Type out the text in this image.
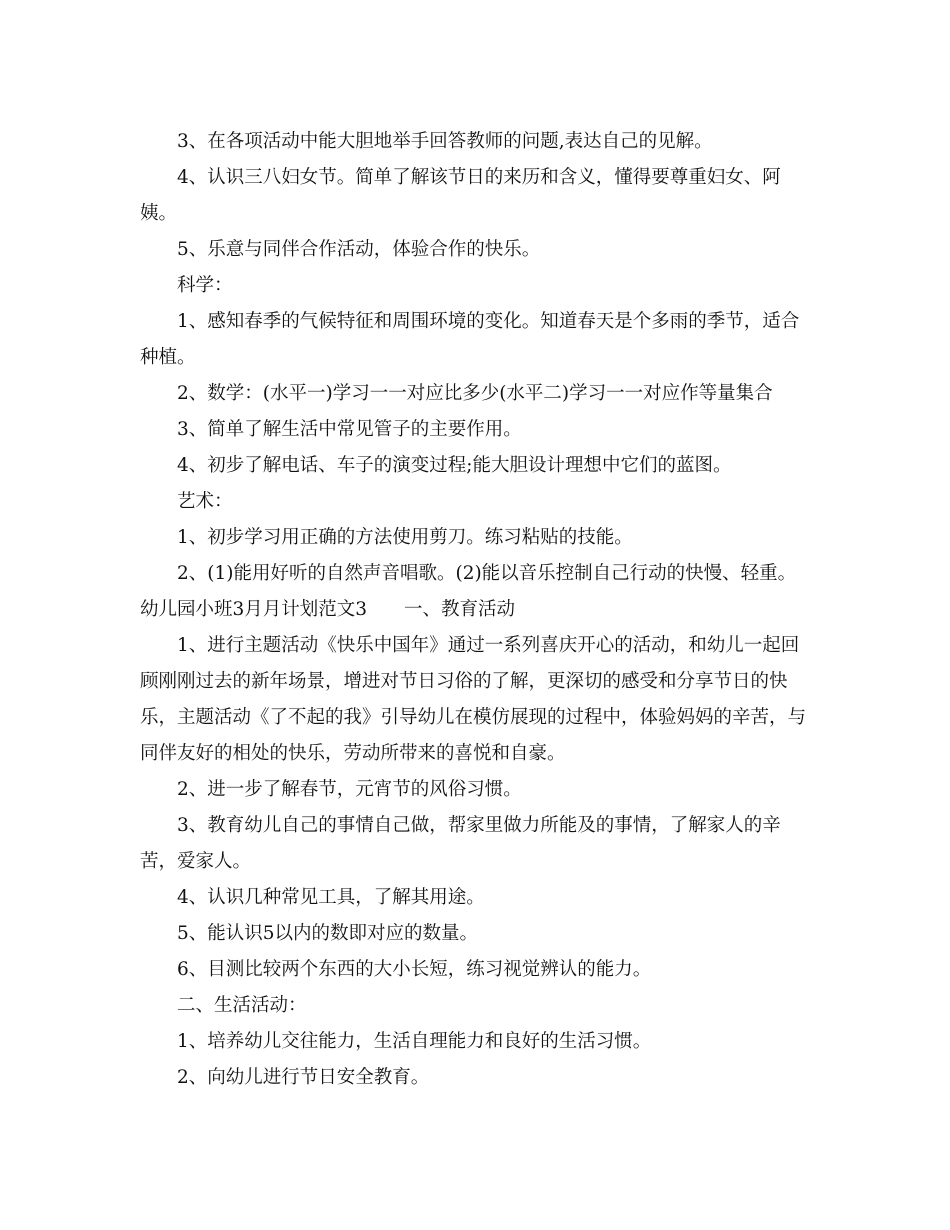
3、在各项活动中能大胆地举手回答教师的问题,表达自己的见解。

4、认识三八妇女节。简单了解该节日的来历和含义，懂得要尊重妇女、阿

姨。

5、乐意与同伴合作活动，体验合作的快乐。

科学：

1、感知春季的气候特征和周围环境的变化。知道春天是个多雨的季节，适合

种植。

2、数学：(水平一)学习一一对应比多少(水平二)学习一一对应作等量集合

3、简单了解生活中常见管子的主要作用。

4、初步了解电话、车子的演变过程;能大胆设计理想中它们的蓝图。

艺术：

1、初步学习用正确的方法使用剪刀。练习粘贴的技能。

2、(1)能用好听的自然声音唱歌。(2)能以音乐控制自己行动的快慢、轻重。

幼儿园小班3月月计划范文3　　一、教育活动

1、进行主题活动《快乐中国年》通过一系列喜庆开心的活动，和幼儿一起回

顾刚刚过去的新年场景，增进对节日习俗的了解，更深切的感受和分享节日的快

乐，主题活动《了不起的我》引导幼儿在模仿展现的过程中，体验妈妈的辛苦，与

同伴友好的相处的快乐，劳动所带来的喜悦和自豪。

2、进一步了解春节，元宵节的风俗习惯。

3、教育幼儿自己的事情自己做，帮家里做力所能及的事情，了解家人的辛

苦，爱家人。

4、认识几种常见工具，了解其用途。

5、能认识5以内的数即对应的数量。

6、目测比较两个东西的大小长短，练习视觉辨认的能力。

二、生活活动：

1、培养幼儿交往能力，生活自理能力和良好的生活习惯。

2、向幼儿进行节日安全教育。
